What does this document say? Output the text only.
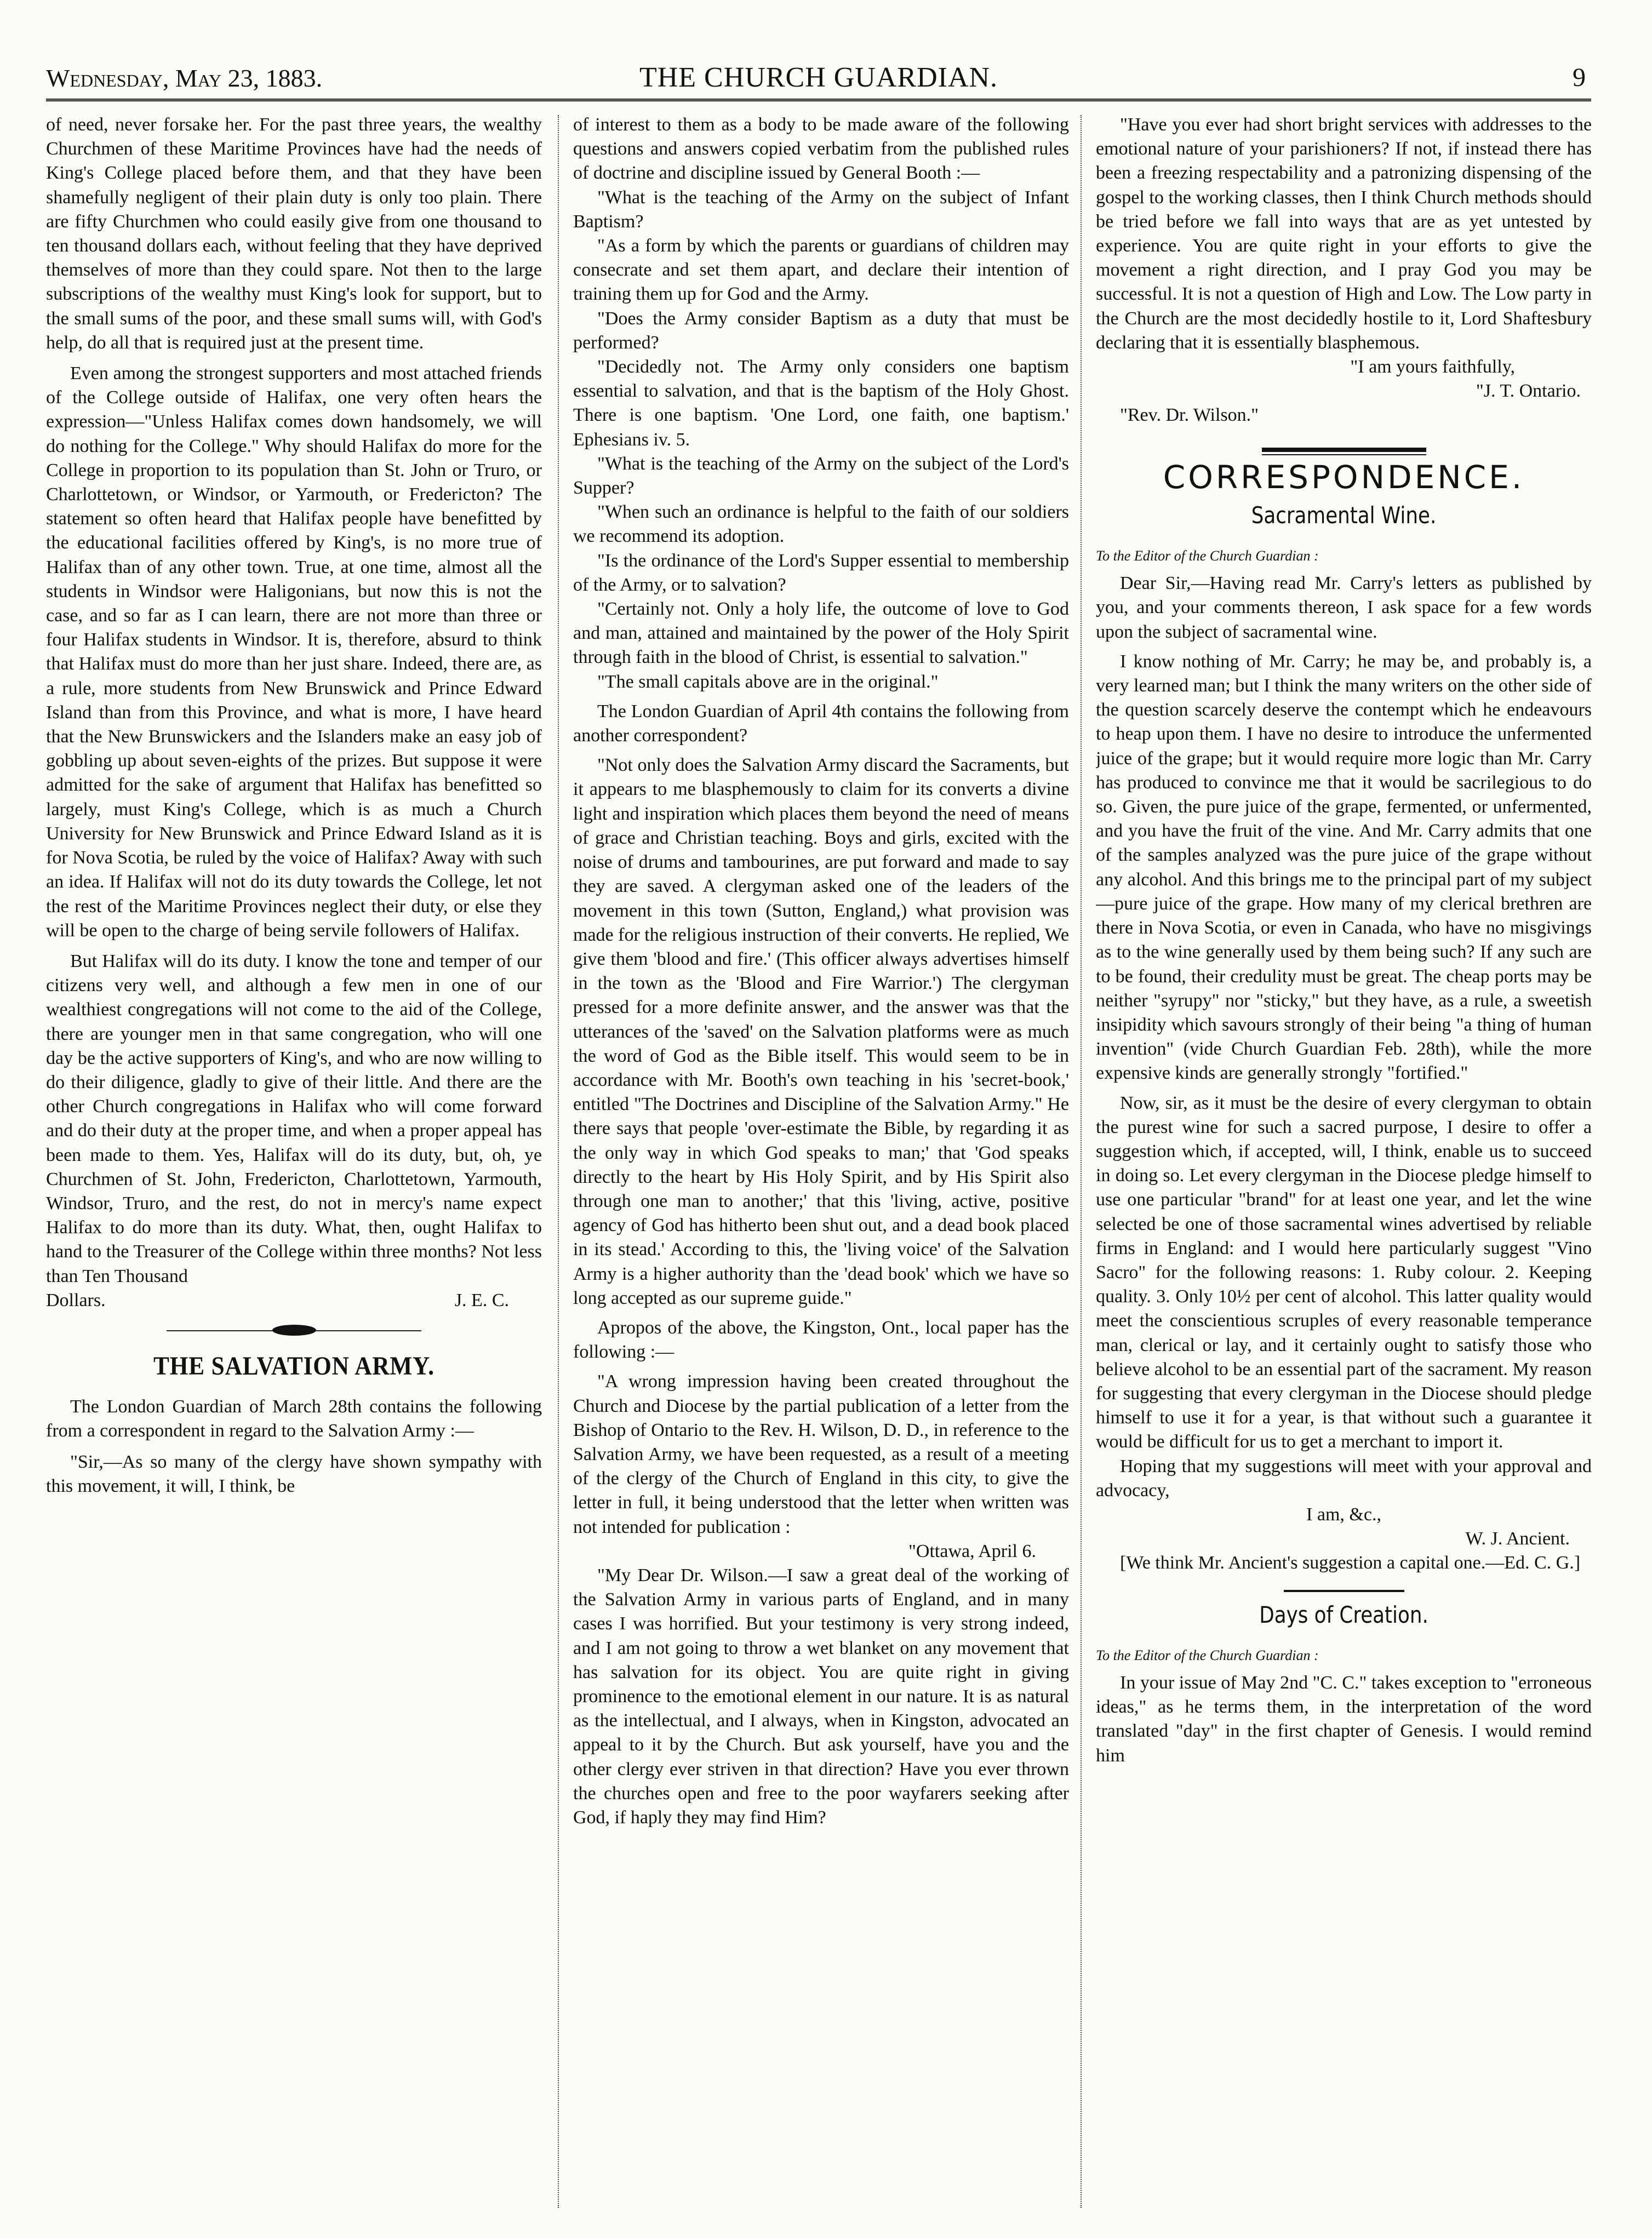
Wednesday, May 23, 1883.	THE CHURCH GUARDIAN.	9

of need, never forsake her. For the past three years, the wealthy Churchmen of these Maritime Provinces have had the needs of King's College placed before them, and that they have been shamefully negligent of their plain duty is only too plain. There are fifty Churchmen who could easily give from one thousand to ten thousand dollars each, without feeling that they have deprived themselves of more than they could spare. Not then to the large subscriptions of the wealthy must King's look for support, but to the small sums of the poor, and these small sums will, with God's help, do all that is required just at the present time.

Even among the strongest supporters and most attached friends of the College outside of Halifax, one very often hears the expression—"Unless Halifax comes down handsomely, we will do nothing for the College." Why should Halifax do more for the College in proportion to its population than St. John or Truro, or Charlottetown, or Windsor, or Yarmouth, or Fredericton? The statement so often heard that Halifax people have benefitted by the educational facilities offered by King's, is no more true of Halifax than of any other town. True, at one time, almost all the students in Windsor were Haligonians, but now this is not the case, and so far as I can learn, there are not more than three or four Halifax students in Windsor. It is, therefore, absurd to think that Halifax must do more than her just share. Indeed, there are, as a rule, more students from New Brunswick and Prince Edward Island than from this Province, and what is more, I have heard that the New Brunswickers and the Islanders make an easy job of gobbling up about seven-eights of the prizes. But suppose it were admitted for the sake of argument that Halifax has benefitted so largely, must King's College, which is as much a Church University for New Brunswick and Prince Edward Island as it is for Nova Scotia, be ruled by the voice of Halifax? Away with such an idea. If Halifax will not do its duty towards the College, let not the rest of the Maritime Provinces neglect their duty, or else they will be open to the charge of being servile followers of Halifax.

But Halifax will do its duty. I know the tone and temper of our citizens very well, and although a few men in one of our wealthiest congregations will not come to the aid of the College, there are younger men in that same congregation, who will one day be the active supporters of King's, and who are now willing to do their diligence, gladly to give of their little. And there are the other Church congregations in Halifax who will come forward and do their duty at the proper time, and when a proper appeal has been made to them. Yes, Halifax will do its duty, but, oh, ye Churchmen of St. John, Fredericton, Charlottetown, Yarmouth, Windsor, Truro, and the rest, do not in mercy's name expect Halifax to do more than its duty. What, then, ought Halifax to hand to the Treasurer of the College within three months? Not less than Ten Thousand

Dollars.	J. E. C.
THE SALVATION ARMY.

The London Guardian of March 28th contains the following from a correspondent in regard to the Salvation Army :—

"Sir,—As so many of the clergy have shown sympathy with this movement, it will, I think, be

of interest to them as a body to be made aware of the following questions and answers copied verbatim from the published rules of doctrine and discipline issued by General Booth :—

"What is the teaching of the Army on the subject of Infant Baptism?

"As a form by which the parents or guardians of children may consecrate and set them apart, and declare their intention of training them up for God and the Army.

"Does the Army consider Baptism as a duty that must be performed?

"Decidedly not. The Army only considers one baptism essential to salvation, and that is the baptism of the Holy Ghost. There is one baptism. 'One Lord, one faith, one baptism.' Ephesians iv. 5.

"What is the teaching of the Army on the subject of the Lord's Supper?

"When such an ordinance is helpful to the faith of our soldiers we recommend its adoption.

"Is the ordinance of the Lord's Supper essential to membership of the Army, or to salvation?

"Certainly not. Only a holy life, the outcome of love to God and man, attained and maintained by the power of the Holy Spirit through faith in the blood of Christ, is essential to salvation."

"The small capitals above are in the original."

The London Guardian of April 4th contains the following from another correspondent?

"Not only does the Salvation Army discard the Sacraments, but it appears to me blasphemously to claim for its converts a divine light and inspiration which places them beyond the need of means of grace and Christian teaching. Boys and girls, excited with the noise of drums and tambourines, are put forward and made to say they are saved. A clergyman asked one of the leaders of the movement in this town (Sutton, England,) what provision was made for the religious instruction of their converts. He replied, We give them 'blood and fire.' (This officer always advertises himself in the town as the 'Blood and Fire Warrior.') The clergyman pressed for a more definite answer, and the answer was that the utterances of the 'saved' on the Salvation platforms were as much the word of God as the Bible itself. This would seem to be in accordance with Mr. Booth's own teaching in his 'secret-book,' entitled "The Doctrines and Discipline of the Salvation Army." He there says that people 'over-estimate the Bible, by regarding it as the only way in which God speaks to man;' that 'God speaks directly to the heart by His Holy Spirit, and by His Spirit also through one man to another;' that this 'living, active, positive agency of God has hitherto been shut out, and a dead book placed in its stead.' According to this, the 'living voice' of the Salvation Army is a higher authority than the 'dead book' which we have so long accepted as our supreme guide."

Apropos of the above, the Kingston, Ont., local paper has the following :—

"A wrong impression having been created throughout the Church and Diocese by the partial publication of a letter from the Bishop of Ontario to the Rev. H. Wilson, D. D., in reference to the Salvation Army, we have been requested, as a result of a meeting of the clergy of the Church of England in this city, to give the letter in full, it being understood that the letter when written was not intended for publication :

"Ottawa, April 6.

"My Dear Dr. Wilson.—I saw a great deal of the working of the Salvation Army in various parts of England, and in many cases I was horrified. But your testimony is very strong indeed, and I am not going to throw a wet blanket on any movement that has salvation for its object. You are quite right in giving prominence to the emotional element in our nature. It is as natural as the intellectual, and I always, when in Kingston, advocated an appeal to it by the Church. But ask yourself, have you and the other clergy ever striven in that direction? Have you ever thrown the churches open and free to the poor wayfarers seeking after God, if haply they may find Him?

"Have you ever had short bright services with addresses to the emotional nature of your parishioners? If not, if instead there has been a freezing respectability and a patronizing dispensing of the gospel to the working classes, then I think Church methods should be tried before we fall into ways that are as yet untested by experience. You are quite right in your efforts to give the movement a right direction, and I pray God you may be successful. It is not a question of High and Low. The Low party in the Church are the most decidedly hostile to it, Lord Shaftesbury declaring that it is essentially blasphemous.

"I am yours faithfully,

"J. T. Ontario.

"Rev. Dr. Wilson."

CORRESPONDENCE.
Sacramental Wine.
To the Editor of the Church Guardian :

Dear Sir,—Having read Mr. Carry's letters as published by you, and your comments thereon, I ask space for a few words upon the subject of sacramental wine.

I know nothing of Mr. Carry; he may be, and probably is, a very learned man; but I think the many writers on the other side of the question scarcely deserve the contempt which he endeavours to heap upon them. I have no desire to introduce the unfermented juice of the grape; but it would require more logic than Mr. Carry has produced to convince me that it would be sacrilegious to do so. Given, the pure juice of the grape, fermented, or unfermented, and you have the fruit of the vine. And Mr. Carry admits that one of the samples analyzed was the pure juice of the grape without any alcohol. And this brings me to the principal part of my subject—pure juice of the grape. How many of my clerical brethren are there in Nova Scotia, or even in Canada, who have no misgivings as to the wine generally used by them being such? If any such are to be found, their credulity must be great. The cheap ports may be neither "syrupy" nor "sticky," but they have, as a rule, a sweetish insipidity which savours strongly of their being "a thing of human invention" (vide Church Guardian Feb. 28th), while the more expensive kinds are generally strongly "fortified."

Now, sir, as it must be the desire of every clergyman to obtain the purest wine for such a sacred purpose, I desire to offer a suggestion which, if accepted, will, I think, enable us to succeed in doing so. Let every clergyman in the Diocese pledge himself to use one particular "brand" for at least one year, and let the wine selected be one of those sacramental wines advertised by reliable firms in England: and I would here particularly suggest "Vino Sacro" for the following reasons: 1. Ruby colour. 2. Keeping quality. 3. Only 10½ per cent of alcohol. This latter quality would meet the conscientious scruples of every reasonable temperance man, clerical or lay, and it certainly ought to satisfy those who believe alcohol to be an essential part of the sacrament. My reason for suggesting that every clergyman in the Diocese should pledge himself to use it for a year, is that without such a guarantee it would be difficult for us to get a merchant to import it.

Hoping that my suggestions will meet with your approval and advocacy,

I am, &c.,

W. J. Ancient.

[We think Mr. Ancient's suggestion a capital one.—Ed. C. G.]

Days of Creation.
To the Editor of the Church Guardian :

In your issue of May 2nd "C. C." takes exception to "erroneous ideas," as he terms them, in the interpretation of the word translated "day" in the first chapter of Genesis. I would remind him
